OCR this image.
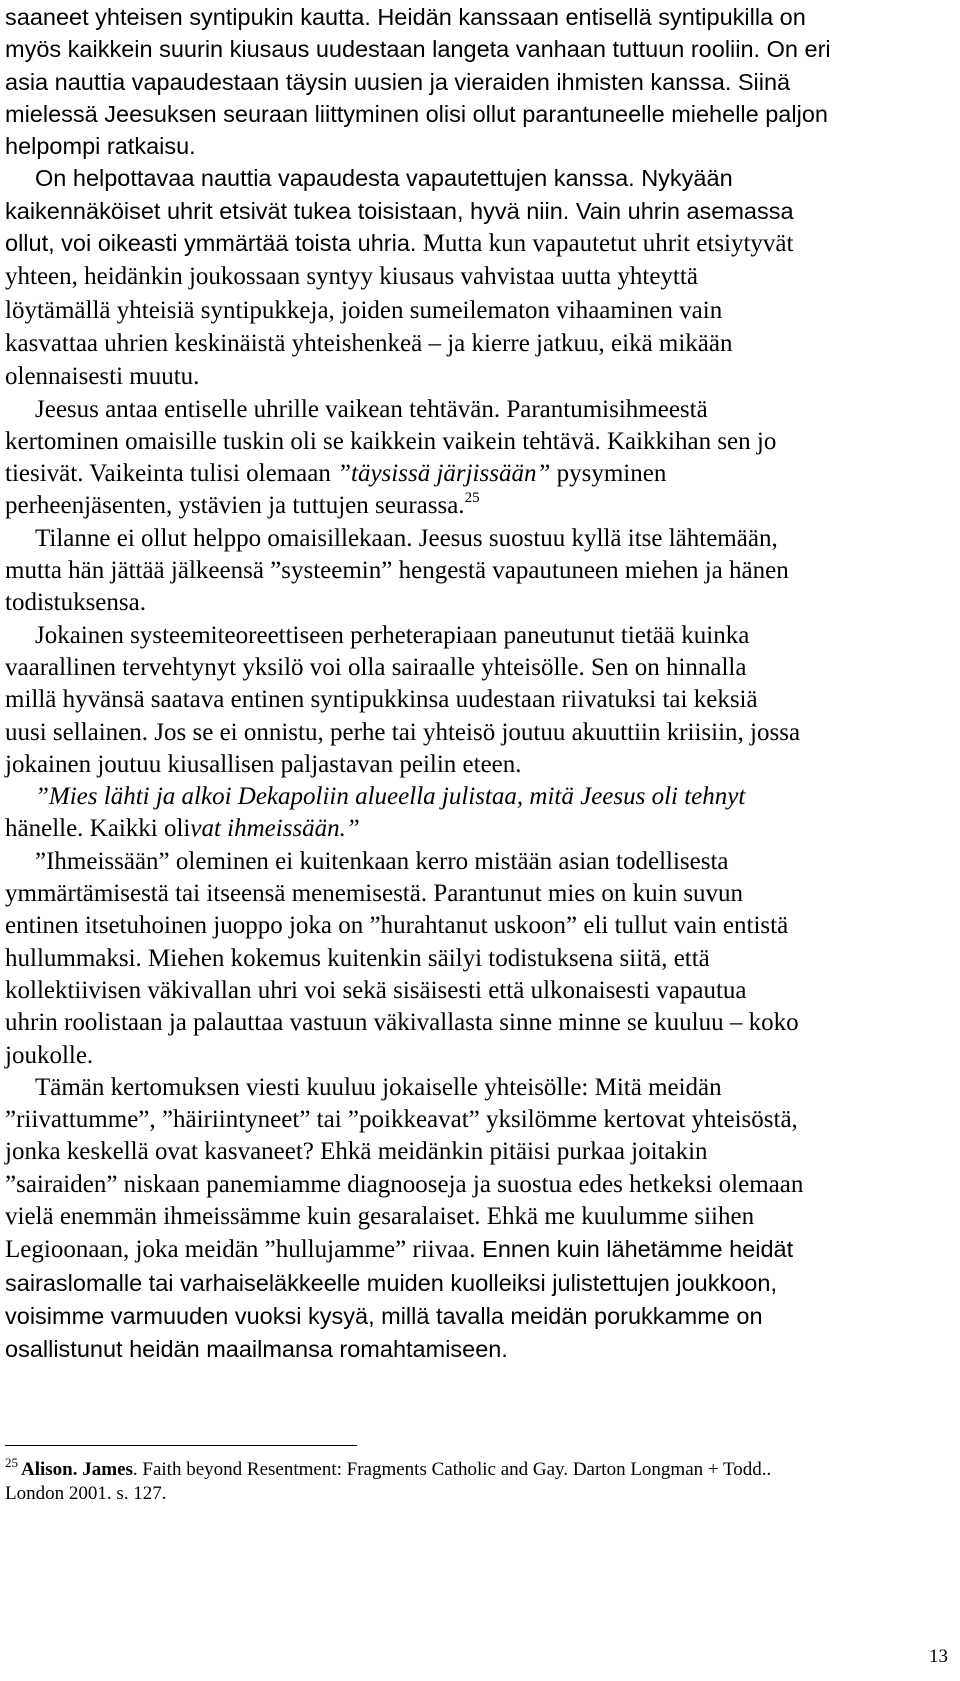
saaneet yhteisen syntipukin kautta. Heidän kanssaan entisellä syntipukilla on
myös kaikkein suurin kiusaus uudestaan langeta vanhaan tuttuun rooliin. On eri
asia nauttia vapaudestaan täysin uusien ja vieraiden ihmisten kanssa. Siinä
mielessä Jeesuksen seuraan liittyminen olisi ollut parantuneelle miehelle paljon
helpompi ratkaisu.

On helpottavaa nauttia vapaudesta vapautettujen kanssa. Nykyään
kaikennäköiset uhrit etsivät tukea toisistaan, hyvä niin. Vain uhrin asemassa
ollut, voi oikeasti ymmärtää toista uhria. Mutta kun vapautetut uhrit etsiytyvät
yhteen, heidänkin joukossaan syntyy kiusaus vahvistaa uutta yhteyttä
löytämällä yhteisiä syntipukkeja, joiden sumeilematon vihaaminen vain
kasvattaa uhrien keskinäistä yhteishenkeä – ja kierre jatkuu, eikä mikään
olennaisesti muutu.

Jeesus antaa entiselle uhrille vaikean tehtävän. Parantumisihmeestä
kertominen omaisille tuskin oli se kaikkein vaikein tehtävä. Kaikkihan sen jo
tiesivät. Vaikeinta tulisi olemaan ”täysissä järjissään” pysyminen
perheenjäsenten, ystävien ja tuttujen seurassa.$^{25}$

Tilanne ei ollut helppo omaisillekaan. Jeesus suostuu kyllä itse lähtemään,
mutta hän jättää jälkeensä ”systeemin” hengestä vapautuneen miehen ja hänen
todistuksensa.

Jokainen systeemiteoreettiseen perheterapiaan paneutunut tietää kuinka
vaarallinen tervehtynyt yksilö voi olla sairaalle yhteisölle. Sen on hinnalla
millä hyvänsä saatava entinen syntipukkinsa uudestaan riivatuksi tai keksiä
uusi sellainen. Jos se ei onnistu, perhe tai yhteisö joutuu akuuttiin kriisiin, jossa
jokainen joutuu kiusallisen paljastavan peilin eteen.

”Mies lähti ja alkoi Dekapoliin alueella julistaa, mitä Jeesus oli tehnyt
hänelle. Kaikki olivat ihmeissään.”

”Ihmeissään” oleminen ei kuitenkaan kerro mistään asian todellisesta
ymmärtämisestä tai itseensä menemisestä. Parantunut mies on kuin suvun
entinen itsetuhoinen juoppo joka on ”hurahtanut uskoon” eli tullut vain entistä
hullummaksi. Miehen kokemus kuitenkin säilyi todistuksena siitä, että
kollektiivisen väkivallan uhri voi sekä sisäisesti että ulkonaisesti vapautua
uhrin roolistaan ja palauttaa vastuun väkivallasta sinne minne se kuuluu – koko
joukolle.

Tämän kertomuksen viesti kuuluu jokaiselle yhteisölle: Mitä meidän
”riivattumme”, ”häiriintyneet” tai ”poikkeavat” yksilömme kertovat yhteisöstä,
jonka keskellä ovat kasvaneet? Ehkä meidänkin pitäisi purkaa joitakin
”sairaiden” niskaan panemiamme diagnooseja ja suostua edes hetkeksi olemaan
vielä enemmän ihmeissämme kuin gesaralaiset. Ehkä me kuulumme siihen
Legioonaan, joka meidän ”hullujamme” riivaa. Ennen kuin lähetämme heidät
sairaslomalle tai varhaiseläkkeelle muiden kuolleiksi julistettujen joukkoon,
voisimme varmuuden vuoksi kysyä, millä tavalla meidän porukkamme on
osallistunut heidän maailmansa romahtamiseen.

$^{25}$ Alison. James. Faith beyond Resentment: Fragments Catholic and Gay. Darton Longman + Todd..
London 2001. s. 127.
13
